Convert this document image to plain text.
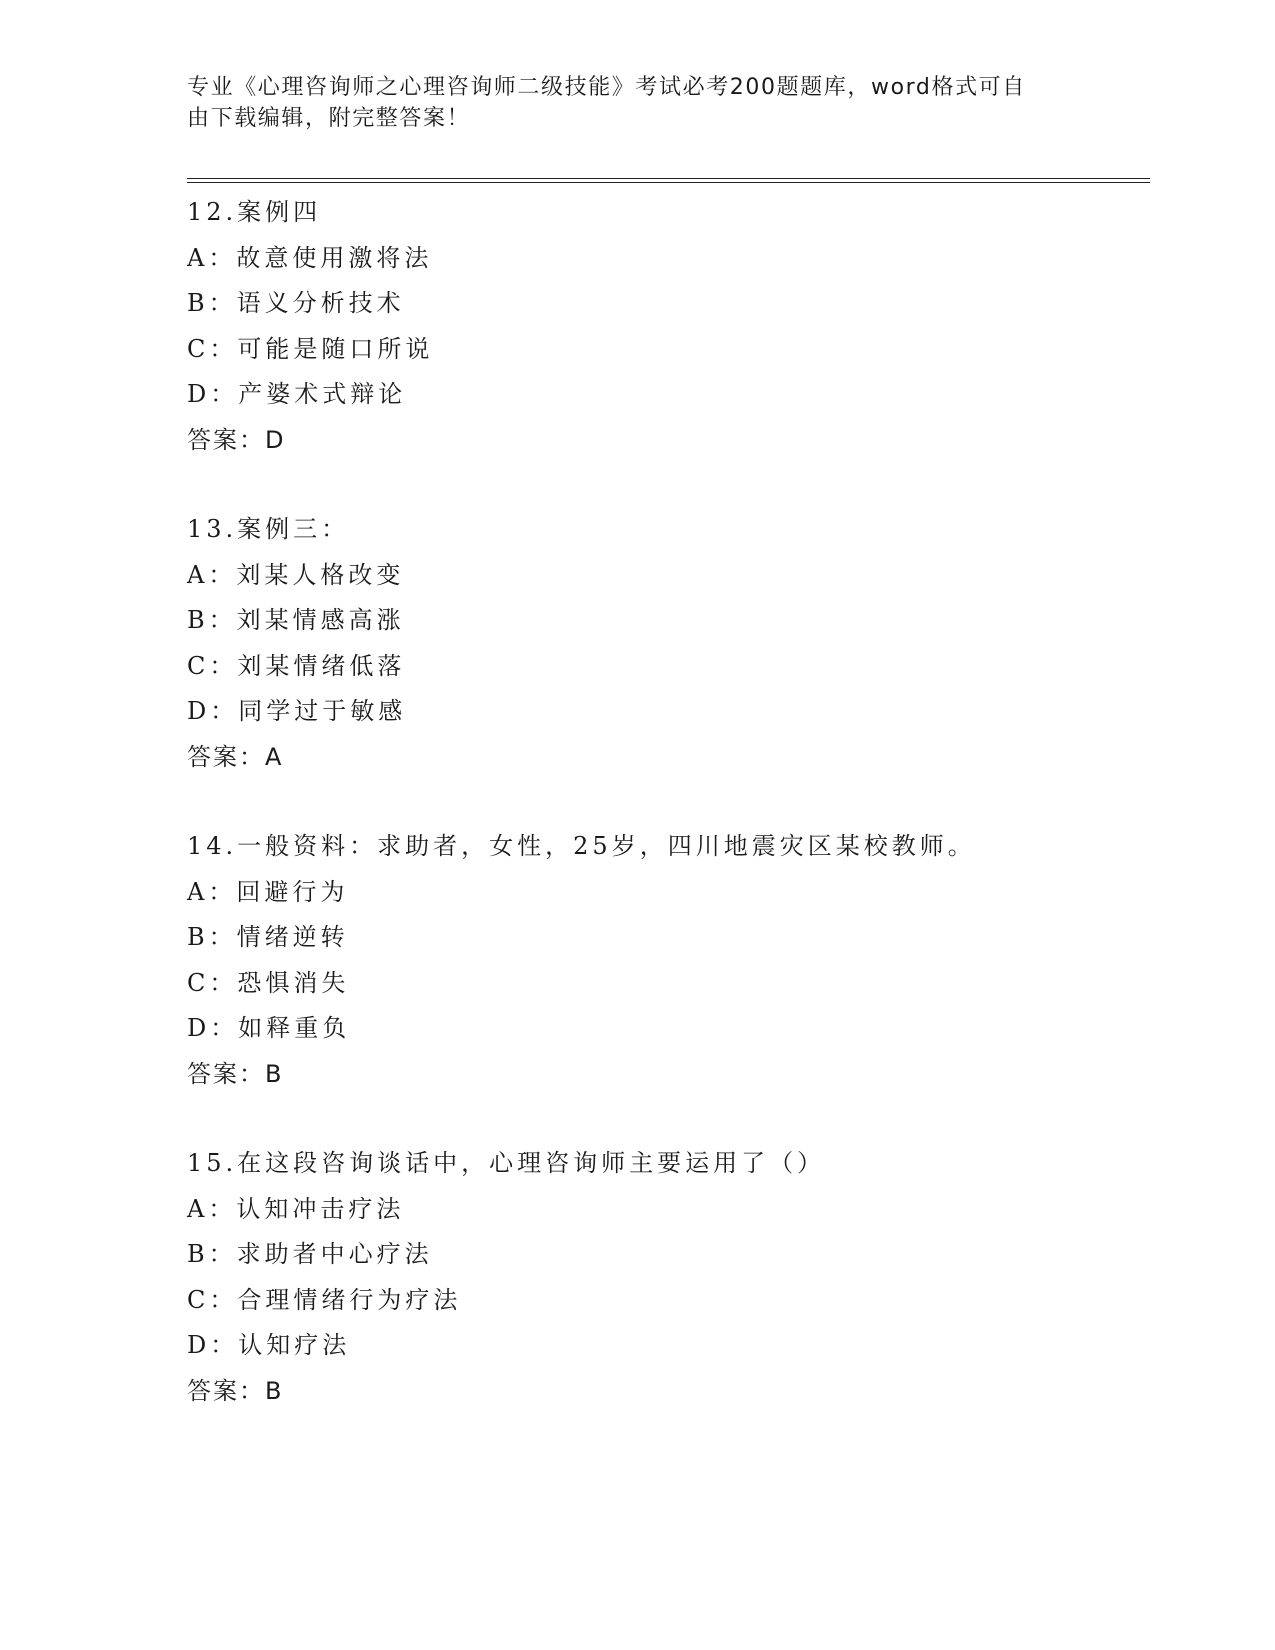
专业《心理咨询师之心理咨询师二级技能》考试必考200题题库，word格式可自
由下载编辑，附完整答案！
12.案例四
A：故意使用激将法
B：语义分析技术
C：可能是随口所说
D：产婆术式辩论
答案：D
13.案例三：
A：刘某人格改变
B：刘某情感高涨
C：刘某情绪低落
D：同学过于敏感
答案：A
14.一般资料：求助者，女性，25岁，四川地震灾区某校教师。
A：回避行为
B：情绪逆转
C：恐惧消失
D：如释重负
答案：B
15.在这段咨询谈话中，心理咨询师主要运用了（）
A：认知冲击疗法
B：求助者中心疗法
C：合理情绪行为疗法
D：认知疗法
答案：B
